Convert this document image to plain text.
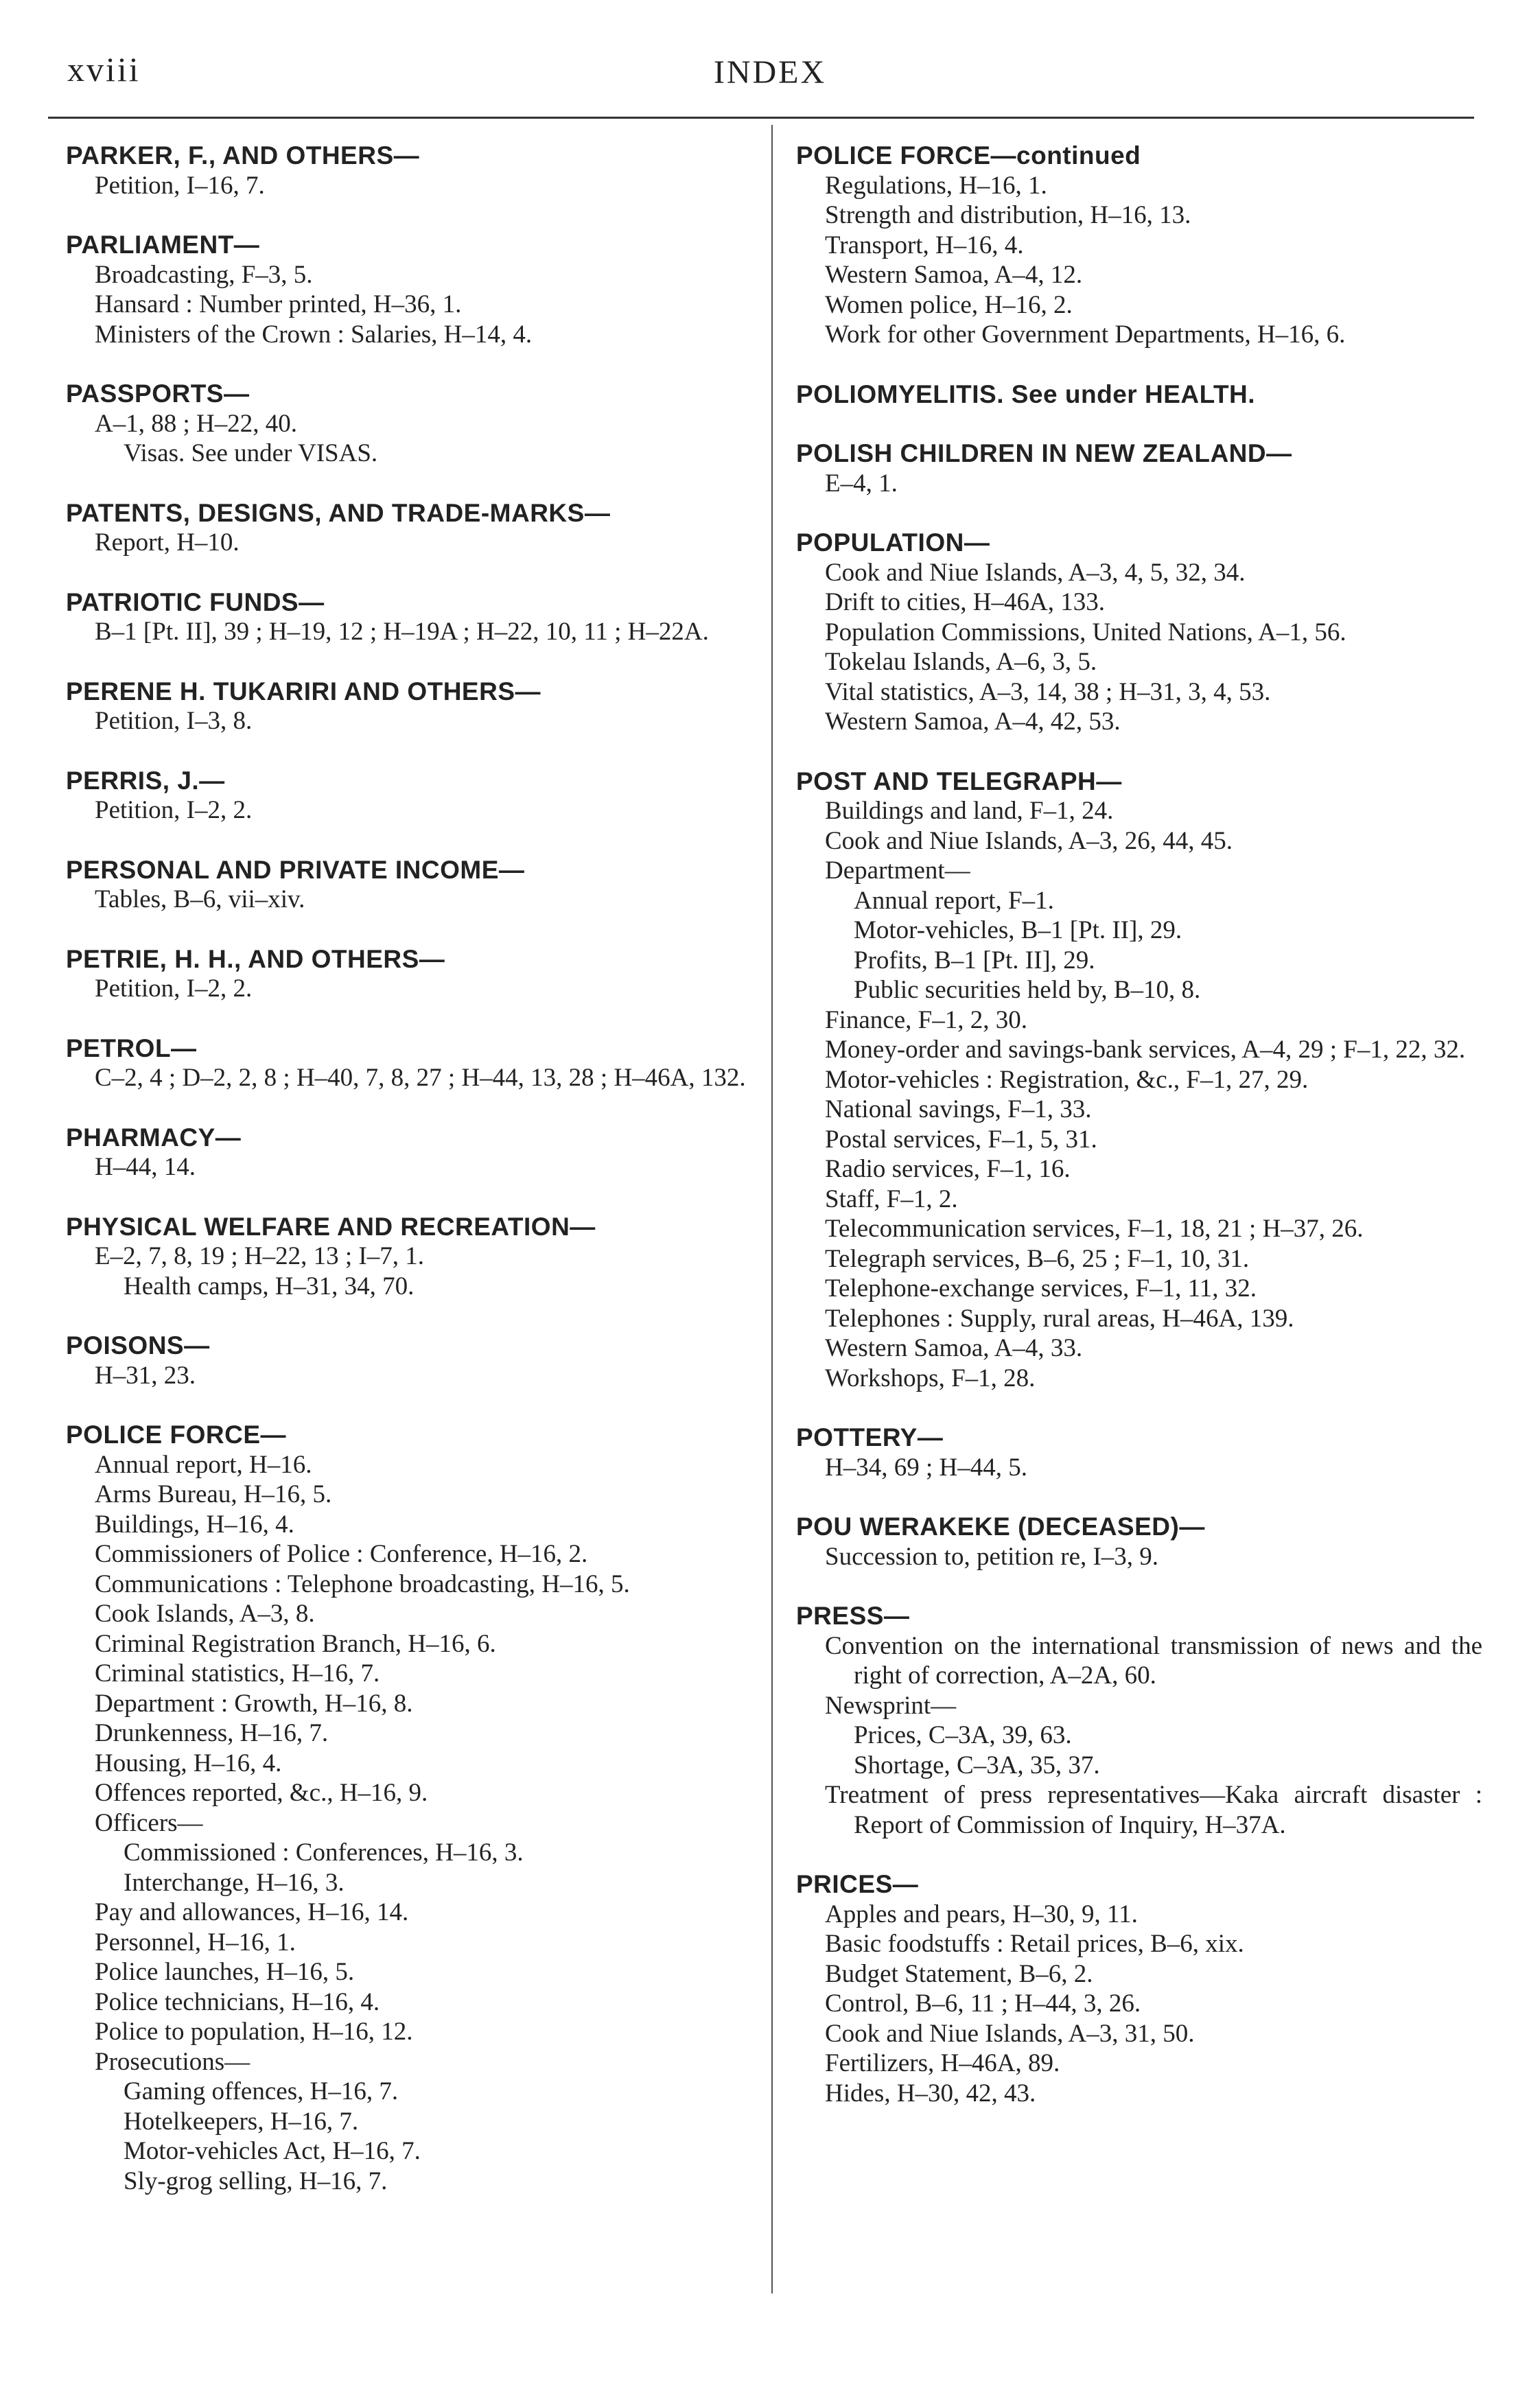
xviii	INDEX
PARKER, F., AND OTHERS—
Petition, I–16, 7.
PARLIAMENT—
Broadcasting, F–3, 5.
Hansard : Number printed, H–36, 1.
Ministers of the Crown : Salaries, H–14, 4.
PASSPORTS—
A–1, 88 ; H–22, 40.
Visas. See under VISAS.
PATENTS, DESIGNS, AND TRADE-MARKS—
Report, H–10.
PATRIOTIC FUNDS—
B–1 [Pt. II], 39 ; H–19, 12 ; H–19A ; H–22, 10, 11 ; H–22A.
PERENE H. TUKARIRI AND OTHERS—
Petition, I–3, 8.
PERRIS, J.—
Petition, I–2, 2.
PERSONAL AND PRIVATE INCOME—
Tables, B–6, vii–xiv.
PETRIE, H. H., AND OTHERS—
Petition, I–2, 2.
PETROL—
C–2, 4 ; D–2, 2, 8 ; H–40, 7, 8, 27 ; H–44, 13, 28 ; H–46A, 132.
PHARMACY—
H–44, 14.
PHYSICAL WELFARE AND RECREATION—
E–2, 7, 8, 19 ; H–22, 13 ; I–7, 1.
Health camps, H–31, 34, 70.
POISONS—
H–31, 23.
POLICE FORCE—
Annual report, H–16.
Arms Bureau, H–16, 5.
Buildings, H–16, 4.
Commissioners of Police : Conference, H–16, 2.
Communications : Telephone broadcasting, H–16, 5.
Cook Islands, A–3, 8.
Criminal Registration Branch, H–16, 6.
Criminal statistics, H–16, 7.
Department : Growth, H–16, 8.
Drunkenness, H–16, 7.
Housing, H–16, 4.
Offences reported, &c., H–16, 9.
Officers—
Commissioned : Conferences, H–16, 3.
Interchange, H–16, 3.
Pay and allowances, H–16, 14.
Personnel, H–16, 1.
Police launches, H–16, 5.
Police technicians, H–16, 4.
Police to population, H–16, 12.
Prosecutions—
Gaming offences, H–16, 7.
Hotelkeepers, H–16, 7.
Motor-vehicles Act, H–16, 7.
Sly-grog selling, H–16, 7.
POLICE FORCE—continued
Regulations, H–16, 1.
Strength and distribution, H–16, 13.
Transport, H–16, 4.
Western Samoa, A–4, 12.
Women police, H–16, 2.
Work for other Government Departments, H–16, 6.
POLIOMYELITIS. See under HEALTH.
POLISH CHILDREN IN NEW ZEALAND—
E–4, 1.
POPULATION—
Cook and Niue Islands, A–3, 4, 5, 32, 34.
Drift to cities, H–46A, 133.
Population Commissions, United Nations, A–1, 56.
Tokelau Islands, A–6, 3, 5.
Vital statistics, A–3, 14, 38 ; H–31, 3, 4, 53.
Western Samoa, A–4, 42, 53.
POST AND TELEGRAPH—
Buildings and land, F–1, 24.
Cook and Niue Islands, A–3, 26, 44, 45.
Department—
Annual report, F–1.
Motor-vehicles, B–1 [Pt. II], 29.
Profits, B–1 [Pt. II], 29.
Public securities held by, B–10, 8.
Finance, F–1, 2, 30.
Money-order and savings-bank services, A–4, 29 ; F–1, 22, 32.
Motor-vehicles : Registration, &c., F–1, 27, 29.
National savings, F–1, 33.
Postal services, F–1, 5, 31.
Radio services, F–1, 16.
Staff, F–1, 2.
Telecommunication services, F–1, 18, 21 ; H–37, 26.
Telegraph services, B–6, 25 ; F–1, 10, 31.
Telephone-exchange services, F–1, 11, 32.
Telephones : Supply, rural areas, H–46A, 139.
Western Samoa, A–4, 33.
Workshops, F–1, 28.
POTTERY—
H–34, 69 ; H–44, 5.
POU WERAKEKE (DECEASED)—
Succession to, petition re, I–3, 9.
PRESS—
Convention on the international transmission of news and the right of correction, A–2A, 60.
Newsprint—
Prices, C–3A, 39, 63.
Shortage, C–3A, 35, 37.
Treatment of press representatives—Kaka aircraft disaster : Report of Commission of Inquiry, H–37A.
PRICES—
Apples and pears, H–30, 9, 11.
Basic foodstuffs : Retail prices, B–6, xix.
Budget Statement, B–6, 2.
Control, B–6, 11 ; H–44, 3, 26.
Cook and Niue Islands, A–3, 31, 50.
Fertilizers, H–46A, 89.
Hides, H–30, 42, 43.
